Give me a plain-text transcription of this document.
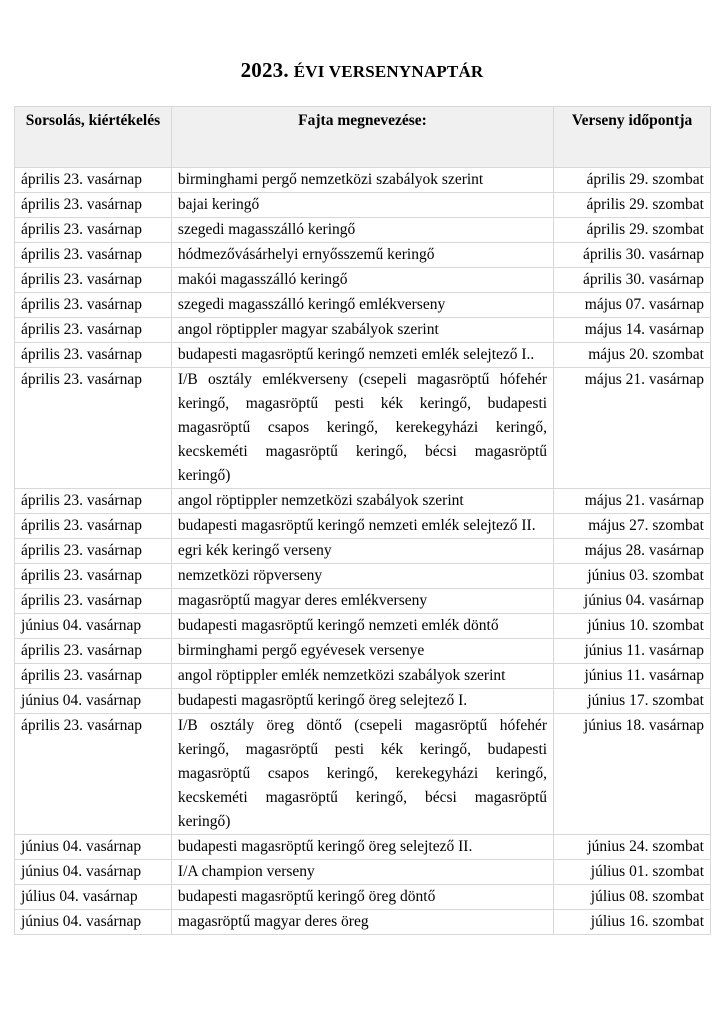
2023. ÉVI VERSENYNAPTÁR
Sorsolás, kiértékelés	Fajta megnevezése:	Verseny időpontja
április 23. vasárnap	birminghami pergő nemzetközi szabályok szerint	április 29. szombat
április 23. vasárnap	bajai keringő	április 29. szombat
április 23. vasárnap	szegedi magasszálló keringő	április 29. szombat
április 23. vasárnap	hódmezővásárhelyi ernyősszemű keringő	április 30. vasárnap
április 23. vasárnap	makói magasszálló keringő	április 30. vasárnap
április 23. vasárnap	szegedi magasszálló keringő emlékverseny	május 07. vasárnap
április 23. vasárnap	angol röptippler magyar szabályok szerint	május 14. vasárnap
április 23. vasárnap	budapesti magasröptű keringő nemzeti emlék selejtező I..	május 20. szombat
április 23. vasárnap	I/B osztály emlékverseny (csepeli magasröptű hófehér keringő, magasröptű pesti kék keringő, budapesti magasröptű csapos keringő, kerekegyházi keringő, kecskeméti magasröptű keringő, bécsi magasröptű keringő)	május 21. vasárnap
április 23. vasárnap	angol röptippler nemzetközi szabályok szerint	május 21. vasárnap
április 23. vasárnap	budapesti magasröptű keringő nemzeti emlék selejtező II.	május 27. szombat
április 23. vasárnap	egri kék keringő verseny	május 28. vasárnap
április 23. vasárnap	nemzetközi röpverseny	június 03. szombat
április 23. vasárnap	magasröptű magyar deres emlékverseny	június 04. vasárnap
június 04. vasárnap	budapesti magasröptű keringő nemzeti emlék döntő	június 10. szombat
április 23. vasárnap	birminghami pergő egyévesek versenye	június 11. vasárnap
április 23. vasárnap	angol röptippler emlék nemzetközi szabályok szerint	június 11. vasárnap
június 04. vasárnap	budapesti magasröptű keringő öreg selejtező I.	június 17. szombat
április 23. vasárnap	I/B osztály öreg döntő (csepeli magasröptű hófehér keringő, magasröptű pesti kék keringő, budapesti magasröptű csapos keringő, kerekegyházi keringő, kecskeméti magasröptű keringő, bécsi magasröptű keringő)	június 18. vasárnap
június 04. vasárnap	budapesti magasröptű keringő öreg selejtező II.	június 24. szombat
június 04. vasárnap	I/A champion verseny	július 01. szombat
július 04. vasárnap	budapesti magasröptű keringő öreg döntő	július 08. szombat
június 04. vasárnap	magasröptű magyar deres öreg	július 16. szombat
